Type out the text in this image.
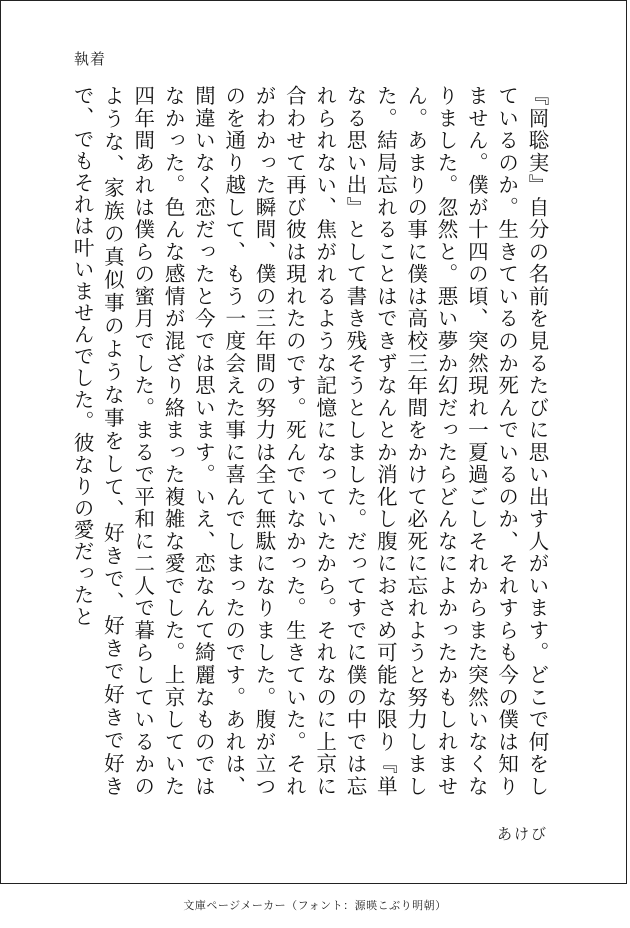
執着

『岡聡実』自分の名前を見るたびに思い出す人がいます。どこで何をしているのか。生きているのか死んでいるのか、それすらも今の僕は知りません。僕が十四の頃、突然現れ一夏過ごしそれからまた突然いなくなりました。忽然と。悪い夢か幻だったらどんなによかったかもしれません。あまりの事に僕は高校三年間をかけて必死に忘れようと努力しました。結局忘れることはできずなんとか消化し腹におさめ可能な限り『単なる思い出』として書き残そうとしました。だってすでに僕の中では忘れられない、焦がれるような記憶になっていたから。それなのに上京に合わせて再び彼は現れたのです。死んでいなかった。生きていた。それがわかった瞬間、僕の三年間の努力は全て無駄になりました。腹が立つのを通り越して、もう一度会えた事に喜んでしまったのです。あれは、間違いなく恋だったと今では思います。いえ、恋なんて綺麗なものではなかった。色んな感情が混ざり絡まった複雑な愛でした。上京していた四年間あれは僕らの蜜月でした。まるで平和に二人で暮らしているかのような、家族の真似事のような事をして、好きで、好きで好きで好きで、でもそれは叶いませんでした。彼なりの愛だったと

あけび
文庫ページメーカー（フォント：源暎こぶり明朝）
